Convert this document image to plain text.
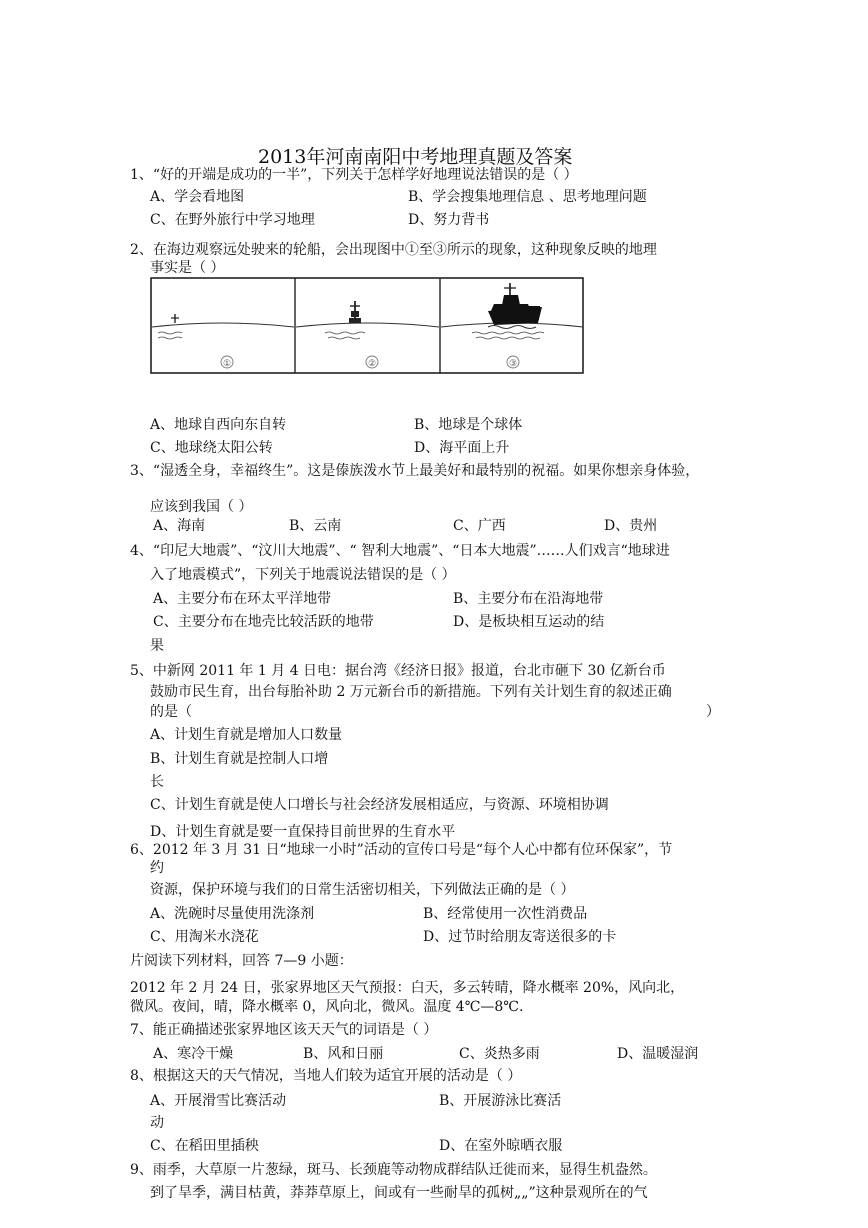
2013年河南南阳中考地理真题及答案
1、“好的开端是成功的一半”，下列关于怎样学好地理说法错误的是（ ）
A、学会看地图	B、学会搜集地理信息 、思考地理问题
C、在野外旅行中学习地理	D、努力背书
2、在海边观察远处驶来的轮船，会出现图中①至③所示的现象，这种现象反映的地理
事实是（ ）
①	②	③
A、地球自西向东自转	B、地球是个球体
C、地球绕太阳公转	D、海平面上升
3、“湿透全身，幸福终生”。这是傣族泼水节上最美好和最特别的祝福。如果你想亲身体验，
应该到我国（ ）
A、海南	B、云南	C、广西	D、贵州
4、“印尼大地震”、“汶川大地震”、“ 智利大地震”、“日本大地震”……人们戏言“地球进
入了地震模式”，下列关于地震说法错误的是（ ）
A、主要分布在环太平洋地带	B、主要分布在沿海地带
C、主要分布在地壳比较活跃的地带	D、是板块相互运动的结
果
5、中新网 2011 年 1 月 4 日电：据台湾《经济日报》报道，台北市砸下 30 亿新台币
鼓励市民生育，出台每胎补助 2 万元新台币的新措施。下列有关计划生育的叙述正确
的是（	）
A、计划生育就是增加人口数量
B、计划生育就是控制人口增
长
C、计划生育就是使人口增长与社会经济发展相适应，与资源、环境相协调
D、计划生育就是要一直保持目前世界的生育水平
6、2012 年 3 月 31 日“地球一小时”活动的宣传口号是“每个人心中都有位环保家”，节
约
资源，保护环境与我们的日常生活密切相关，下列做法正确的是（ ）
A、洗碗时尽量使用洗涤剂	B、经常使用一次性消费品
C、用淘米水浇花	D、过节时给朋友寄送很多的卡
片阅读下列材料，回答 7—9 小题：
2012 年 2 月 24 日，张家界地区天气预报：白天，多云转晴，降水概率 20%，风向北，
微风。夜间，晴，降水概率 0，风向北，微风。温度 4℃—8℃.
7、能正确描述张家界地区该天天气的词语是（ ）
A、寒冷干燥	B、风和日丽	C、炎热多雨	D、温暖湿润
8、根据这天的天气情况，当地人们较为适宜开展的活动是（ ）
A、开展滑雪比赛活动	B、开展游泳比赛活
动
C、在稻田里插秧	D、在室外晾晒衣服
9、雨季，大草原一片葱绿，斑马、长颈鹿等动物成群结队迁徙而来，显得生机盎然。
到了旱季，满目枯黄，莽莽草原上，间或有一些耐旱的孤树„„”这种景观所在的气
